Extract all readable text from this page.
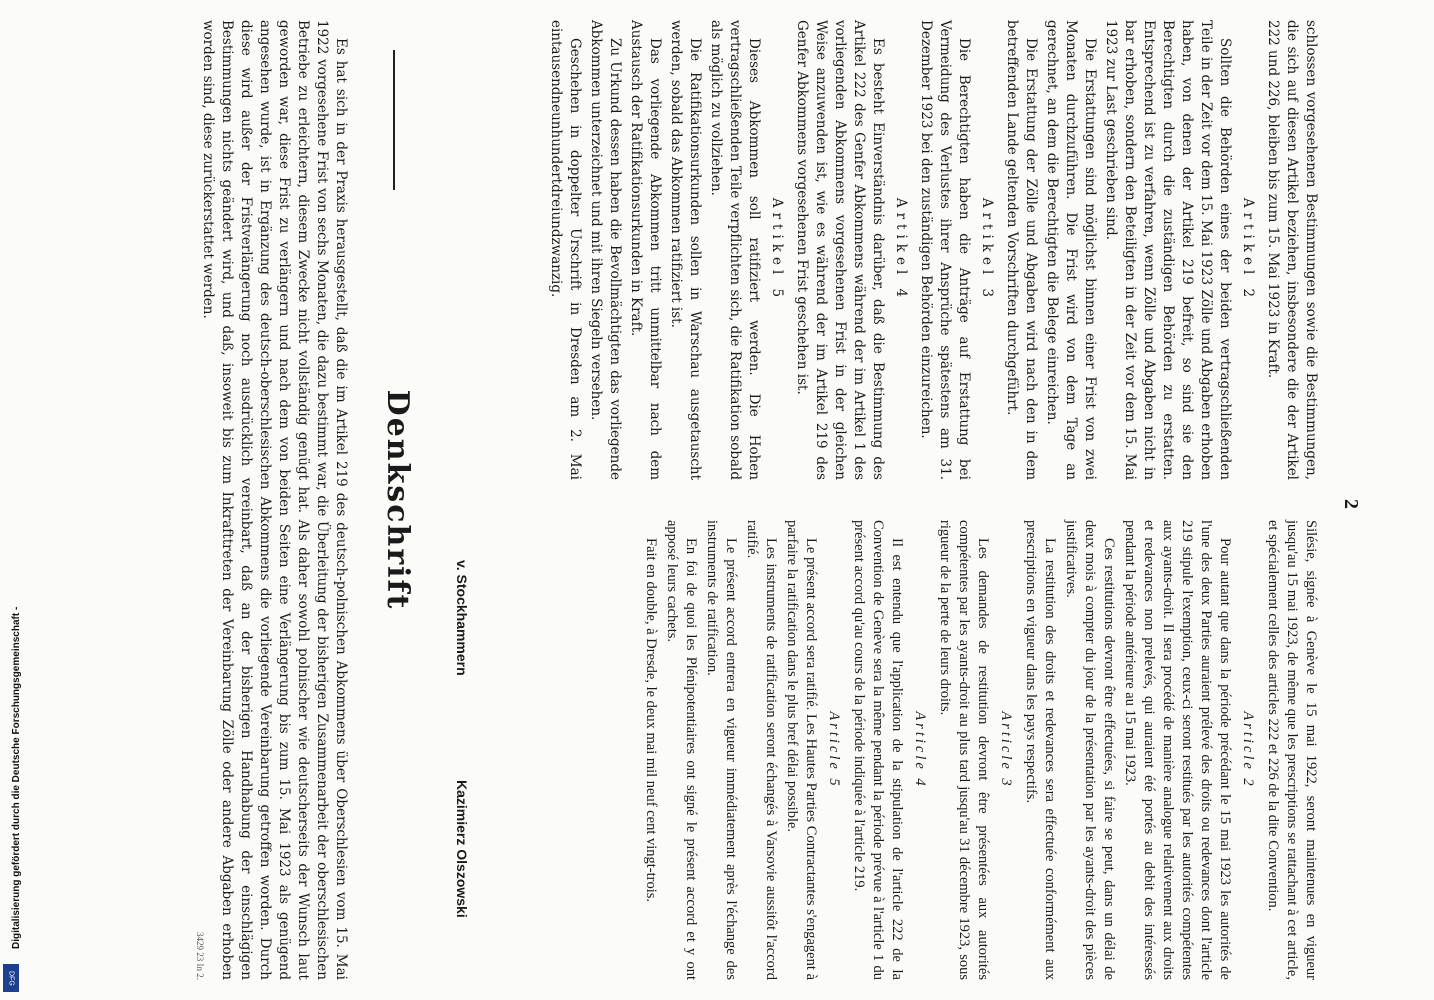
Digitalisierung gefördert durch die Deutsche Forschungsgemeinschaft -
DFG
2

schlossen vorgesehenen Bestimmungen sowie die Bestimmungen, die sich auf diesen Artikel beziehen, insbesondere die der Artikel 222 und 226, bleiben bis zum 15. Mai 1923 in Kraft.

Artikel 2

Sollten die Behörden eines der beiden vertragschließenden Teile in der Zeit vor dem 15. Mai 1923 Zölle und Abgaben erhoben haben, von denen der Artikel 219 befreit, so sind sie den Berechtigten durch die zuständigen Behörden zu erstatten. Entsprechend ist zu verfahren, wenn Zölle und Abgaben nicht in bar erhoben, sondern den Beteiligten in der Zeit vor dem 15. Mai 1923 zur Last geschrieben sind.

Die Erstattungen sind möglichst binnen einer Frist von zwei Monaten durchzuführen. Die Frist wird von dem Tage an gerechnet, an dem die Berechtigten die Belege einreichen.

Die Erstattung der Zölle und Abgaben wird nach den in dem betreffenden Lande geltenden Vorschriften durchgeführt.

Artikel 3

Die Berechtigten haben die Anträge auf Erstattung bei Vermeidung des Verlustes ihrer Ansprüche spätestens am 31. Dezember 1923 bei den zuständigen Behörden einzureichen.

Artikel 4

Es besteht Einverständnis darüber, daß die Bestimmung des Artikel 222 des Genfer Abkommens während der im Artikel 1 des vorliegenden Abkommens vorgesehenen Frist in der gleichen Weise anzuwenden ist, wie es während der im Artikel 219 des Genfer Abkommens vorgesehenen Frist geschehen ist.

Artikel 5

Dieses Abkommen soll ratifiziert werden. Die Hohen vertragschließenden Teile verpflichten sich, die Ratifikation sobald als möglich zu vollziehen.

Die Ratifikationsurkunden sollen in Warschau ausgetauscht werden, sobald das Abkommen ratifiziert ist.

Das vorliegende Abkommen tritt unmittelbar nach dem Austausch der Ratifikationsurkunden in Kraft.

Zu Urkund dessen haben die Bevollmächtigten das vorliegende Abkommen unterzeichnet und mit ihren Siegeln versehen.

Geschehen in doppelter Urschrift in Dresden am 2. Mai eintausendneunhundertdreiundzwanzig.

Silésie, signée à Genève le 15 mai 1922, seront maintenues en vigueur jusqu'au 15 mai 1923, de même que les prescriptions se rattachant à cet article, et spécialement celles des articles 222 et 226 de la dite Convention.

Article 2

Pour autant que dans la période précédant le 15 mai 1923 les autorités de l'une des deux Parties auraient prélevé des droits ou redevances dont l'article 219 stipule l'exemption, ceux-ci seront restitués par les autorités compétentes aux ayants-droit. Il sera procédé de manière analogue relativement aux droits et redevances non prelevés, qui auraient été portés au debit des intéressés pendant la période antérieure au 15 mai 1923.

Ces restitutions devront être effectuées, si faire se peut, dans un délai de deux mois à compter du jour de la présentation par les ayants-droit des pièces justificatives.

La restitution des droits et redevances sera effectuée conformément aux prescriptions en vigueur dans les pays respectifs.

Article 3

Les demandes de restitution devront être présentées aux autorités compétentes par les ayants-droit au plus tard jusqu'au 31 décembre 1923, sous rigueur de la perte de leurs droits.

Article 4

Il est entendu que l'application de la stipulation de l'article 222 de la Convention de Genève sera la même pendant la période prévue à l'article 1 du présent accord qu'au cours de la période indiquée à l'article 219.

Article 5

Le présent accord sera ratifié. Les Hautes Parties Contractantes s'engagent à parfaire la ratification dans le plus bref délai possible.

Les instruments de ratification seront échangés à Varsovie aussitôt l'accord ratifié.

Le présent accord entrera en vigueur immédiatement après l'échange des instruments de ratification.

En foi de quoi les Plénipotentiaires ont signé le présent accord et y ont apposé leurs cachets.

Fait en double, à Dresde, le deux mai mil neuf cent vingt-trois.

v. Stockhammern
Kazimierz Olszowski
Denkschrift

Es hat sich in der Praxis herausgestellt, daß die im Artikel 219 des deutsch-polnischen Abkommens über Oberschlesien vom 15. Mai 1922 vorgesehene Frist von sechs Monaten, die dazu bestimmt war, die Überleitung der bisherigen Zusammenarbeit der oberschlesischen Betriebe zu erleichtern, diesem Zwecke nicht vollständig genügt hat. Als daher sowohl polnischer wie deutscherseits der Wunsch laut geworden war, diese Frist zu verlängern und nach dem von beiden Seiten eine Verlängerung bis zum 15. Mai 1923 als genügend angesehen wurde, ist in Ergänzung des deutsch-oberschlesischen Abkommens die vorliegende Vereinbarung getroffen worden. Durch diese wird außer der Fristverlängerung noch ausdrücklich vereinbart, daß an der bisherigen Handhabung der einschlägigen Bestimmungen nichts geändert wird, und daß, insoweit bis zum Inkrafttreten der Vereinbarung Zölle oder andere Abgaben erhoben worden sind, diese zurückerstattet werden.

3429 23 In 2.
